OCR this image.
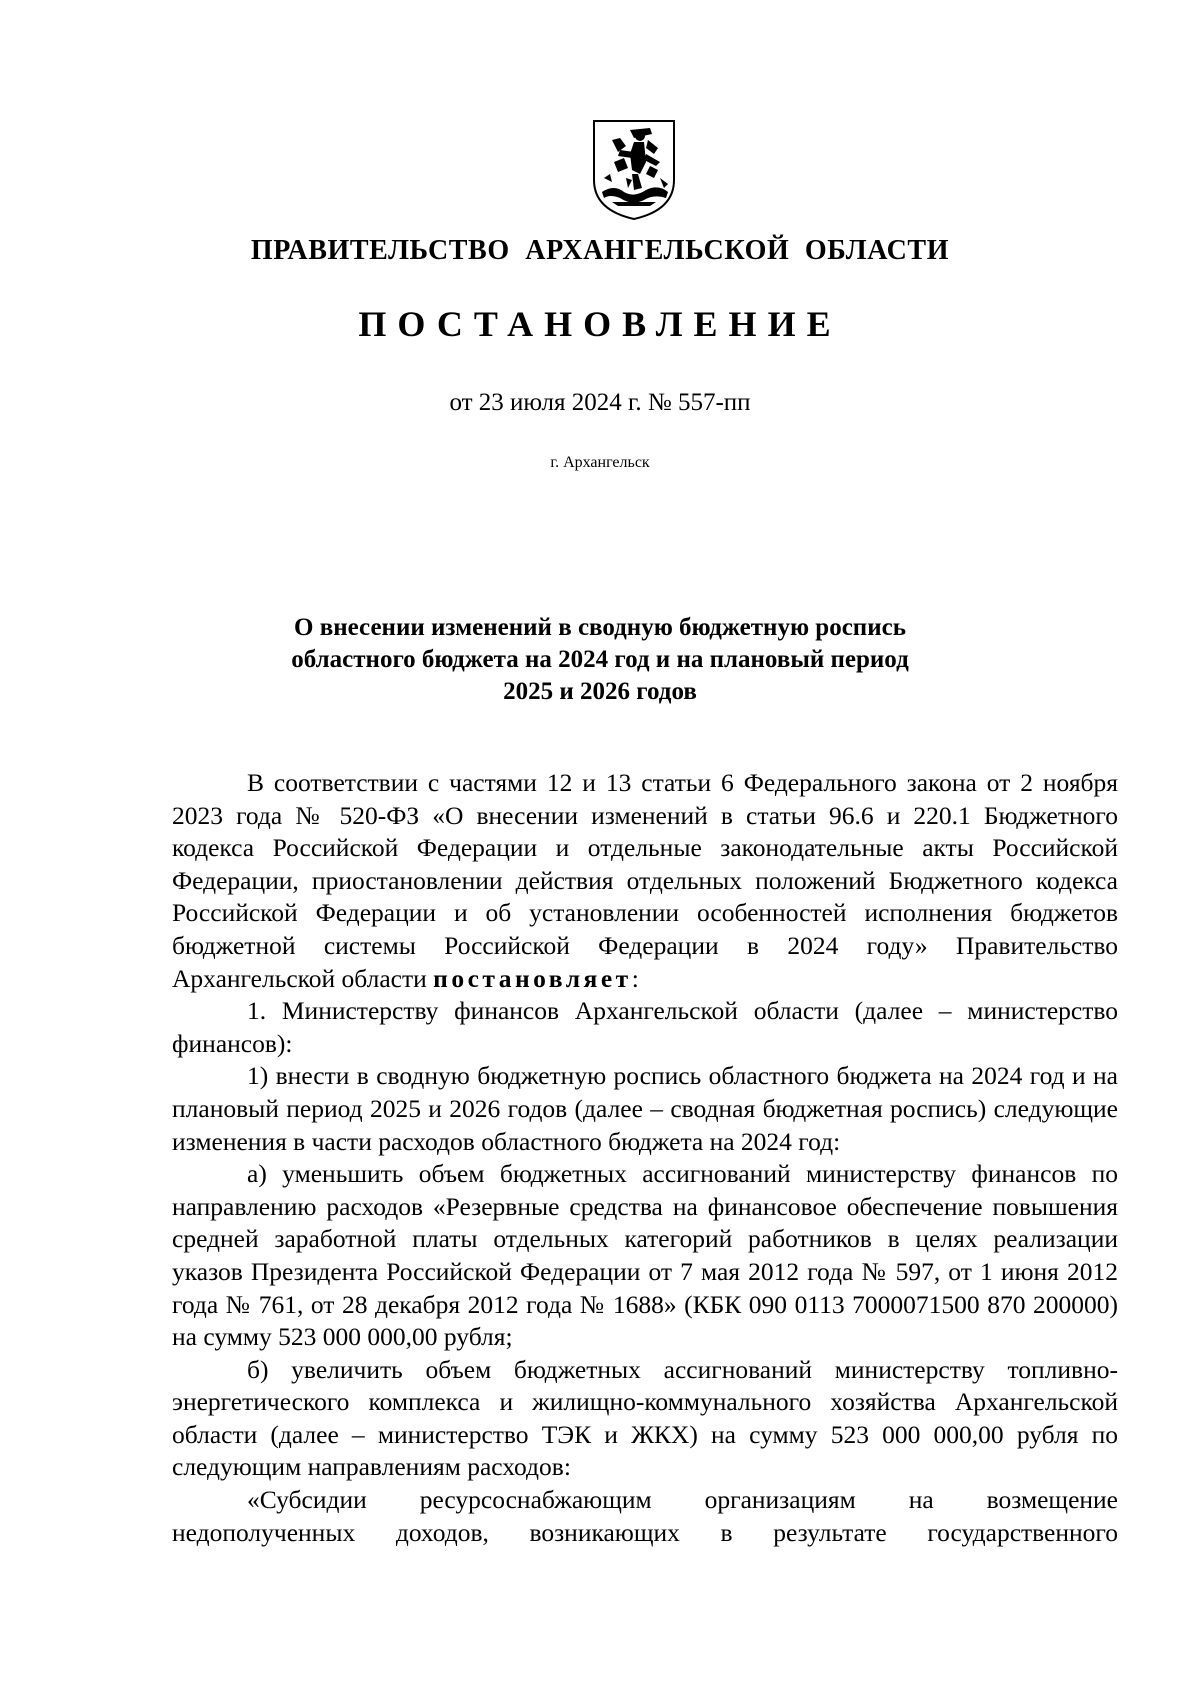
ПРАВИТЕЛЬСТВО АРХАНГЕЛЬСКОЙ ОБЛАСТИ
ПОСТАНОВЛЕНИЕ
от 23 июля 2024 г. № 557-пп
г. Архангельск
О внесении изменений в сводную бюджетную роспись
областного бюджета на 2024 год и на плановый период
2025 и 2026 годов

В соответствии с частями 12 и 13 статьи 6 Федерального закона от 2 ноября 2023 года № 520-ФЗ «О внесении изменений в статьи 96.6 и 220.1 Бюджетного кодекса Российской Федерации и отдельные законодательные акты Российской Федерации, приостановлении действия отдельных положений Бюджетного кодекса Российской Федерации и об установлении особенностей исполнения бюджетов бюджетной системы Российской Федерации в 2024 году» Правительство Архангельской области постановляет:

1. Министерству финансов Архангельской области (далее – министерство финансов):

1) внести в сводную бюджетную роспись областного бюджета на 2024 год и на плановый период 2025 и 2026 годов (далее – сводная бюджетная роспись) следующие изменения в части расходов областного бюджета на 2024 год:

а) уменьшить объем бюджетных ассигнований министерству финансов по направлению расходов «Резервные средства на финансовое обеспечение повышения средней заработной платы отдельных категорий работников в целях реализации указов Президента Российской Федерации от 7 мая 2012 года № 597, от 1 июня 2012 года № 761, от 28 декабря 2012 года № 1688» (КБК 090 0113 7000071500 870 200000) на сумму 523 000 000,00 рубля;

б) увеличить объем бюджетных ассигнований министерству топливно-энергетического комплекса и жилищно-коммунального хозяйства Архангельской области (далее – министерство ТЭК и ЖКХ) на сумму 523 000 000,00 рубля по следующим направлениям расходов:

«Субсидии ресурсоснабжающим организациям на возмещение недополученных доходов, возникающих в результате государственного
